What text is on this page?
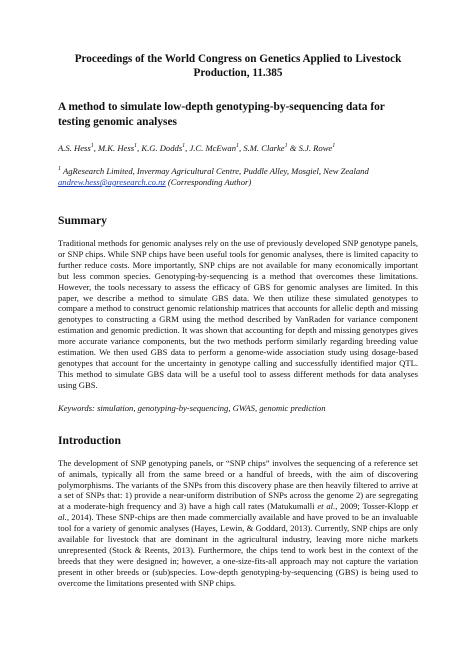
Proceedings of the World Congress on Genetics Applied to Livestock
Production, 11.385
A method to simulate low-depth genotyping-by-sequencing data for testing genomic analyses
A.S. Hess$^1$, M.K. Hess$^1$, K.G. Dodds$^1$, J.C. McEwan$^1$, S.M. Clarke$^1$ & S.J. Rowe$^1$
$^1$ AgResearch Limited, Invermay Agricultural Centre, Puddle Alley, Mosgiel, New Zealand
andrew.hess@agresearch.co.nz (Corresponding Author)
Summary

Traditional methods for genomic analyses rely on the use of previously developed SNP genotype panels, or SNP chips. While SNP chips have been useful tools for genomic analyses, there is limited capacity to further reduce costs. More importantly, SNP chips are not available for many economically important but less common species. Genotyping-by-sequencing is a method that overcomes these limitations. However, the tools necessary to assess the efficacy of GBS for genomic analyses are limited. In this paper, we describe a method to simulate GBS data. We then utilize these simulated genotypes to compare a method to construct genomic relationship matrices that accounts for allelic depth and missing genotypes to constructing a GRM using the method described by VanRaden for variance component estimation and genomic prediction. It was shown that accounting for depth and missing genotypes gives more accurate variance components, but the two methods perform similarly regarding breeding value estimation. We then used GBS data to perform a genome-wide association study using dosage-based genotypes that account for the uncertainty in genotype calling and successfully identified major QTL. This method to simulate GBS data will be a useful tool to assess different methods for data analyses using GBS.

Keywords: simulation, genotyping-by-sequencing, GWAS, genomic prediction

Introduction

The development of SNP genotyping panels, or “SNP chips” involves the sequencing of a reference set of animals, typically all from the same breed or a handful of breeds, with the aim of discovering polymorphisms. The variants of the SNPs from this discovery phase are then heavily filtered to arrive at a set of SNPs that: 1) provide a near-uniform distribution of SNPs across the genome 2) are segregating at a moderate-high frequency and 3) have a high call rates (Matukumalli et al., 2009; Tosser-Klopp et al., 2014). These SNP-chips are then made commercially available and have proved to be an invaluable tool for a variety of genomic analyses (Hayes, Lewin, & Goddard, 2013). Currently, SNP chips are only available for livestock that are dominant in the agricultural industry, leaving more niche markets unrepresented (Stock & Reents, 2013). Furthermore, the chips tend to work best in the context of the breeds that they were designed in; however, a one-size-fits-all approach may not capture the variation present in other breeds or (sub)species. Low-depth genotyping-by-sequencing (GBS) is being used to overcome the limitations presented with SNP chips.
